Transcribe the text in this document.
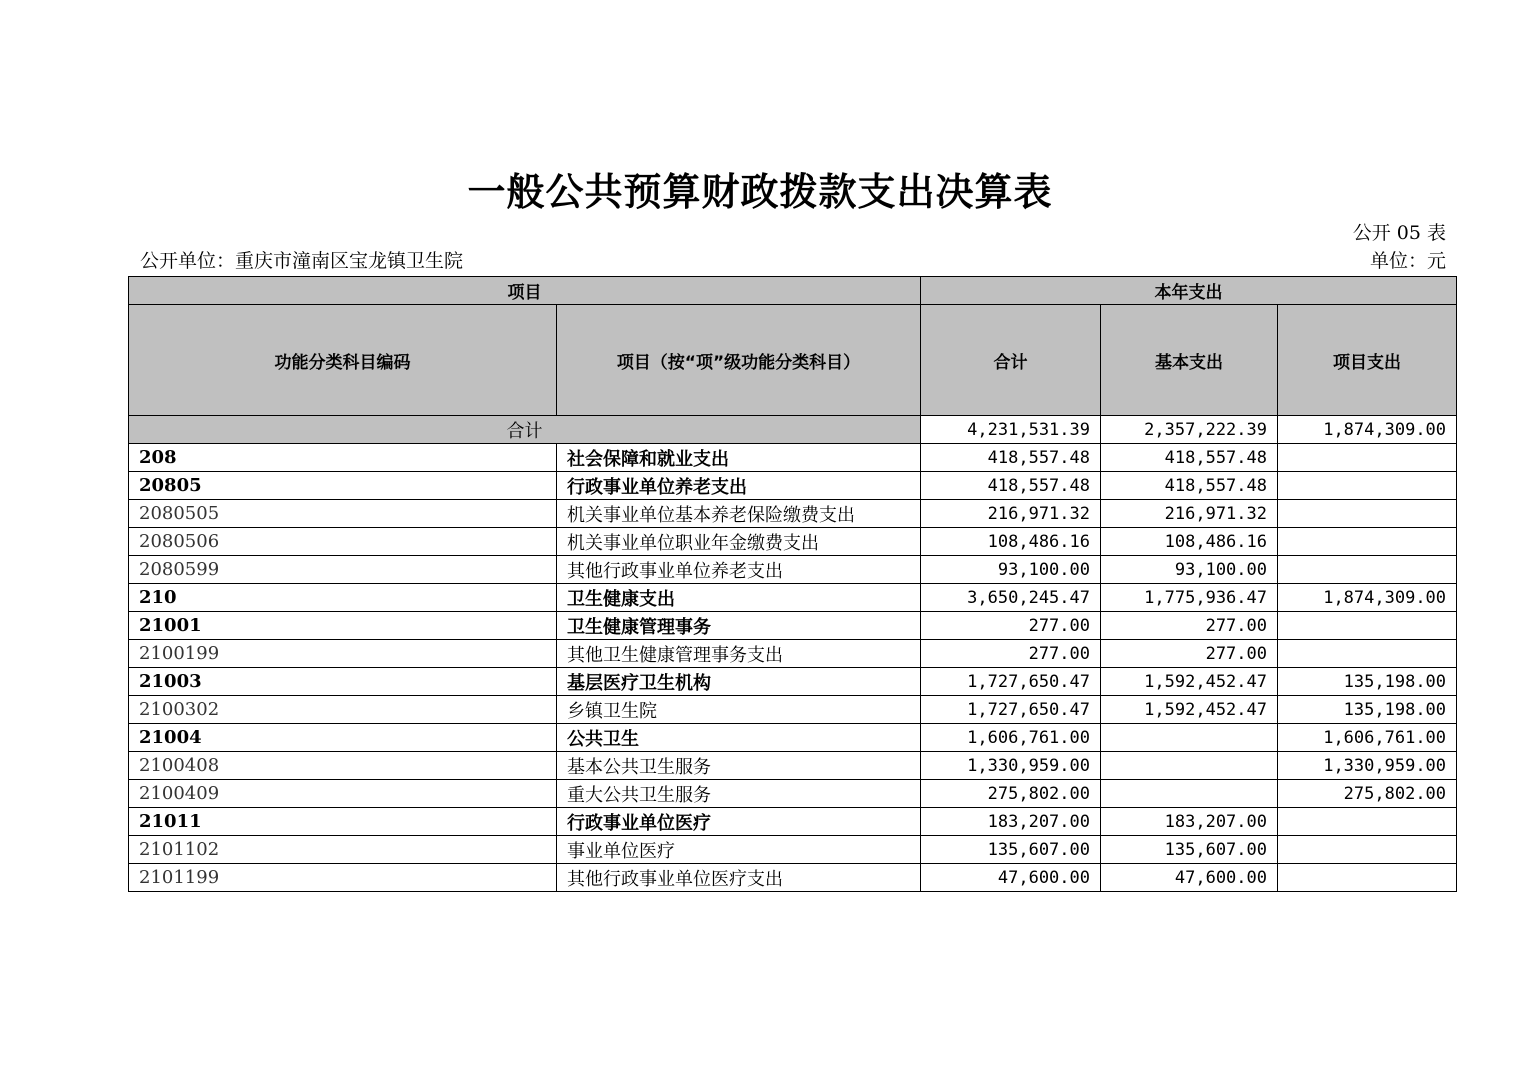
一般公共预算财政拨款支出决算表
公开 05 表
公开单位：重庆市潼南区宝龙镇卫生院	单位：元
项目		本年支出		
功能分类科目编码	项目（按“项”级功能分类科目）	合计	基本支出	项目支出
合计		4,231,531.39	2,357,222.39	1,874,309.00
208	社会保障和就业支出	418,557.48	418,557.48	
20805	行政事业单位养老支出	418,557.48	418,557.48	
2080505	机关事业单位基本养老保险缴费支出	216,971.32	216,971.32	
2080506	机关事业单位职业年金缴费支出	108,486.16	108,486.16	
2080599	其他行政事业单位养老支出	93,100.00	93,100.00	
210	卫生健康支出	3,650,245.47	1,775,936.47	1,874,309.00
21001	卫生健康管理事务	277.00	277.00	
2100199	其他卫生健康管理事务支出	277.00	277.00	
21003	基层医疗卫生机构	1,727,650.47	1,592,452.47	135,198.00
2100302	乡镇卫生院	1,727,650.47	1,592,452.47	135,198.00
21004	公共卫生	1,606,761.00		1,606,761.00
2100408	基本公共卫生服务	1,330,959.00		1,330,959.00
2100409	重大公共卫生服务	275,802.00		275,802.00
21011	行政事业单位医疗	183,207.00	183,207.00	
2101102	事业单位医疗	135,607.00	135,607.00	
2101199	其他行政事业单位医疗支出	47,600.00	47,600.00	
